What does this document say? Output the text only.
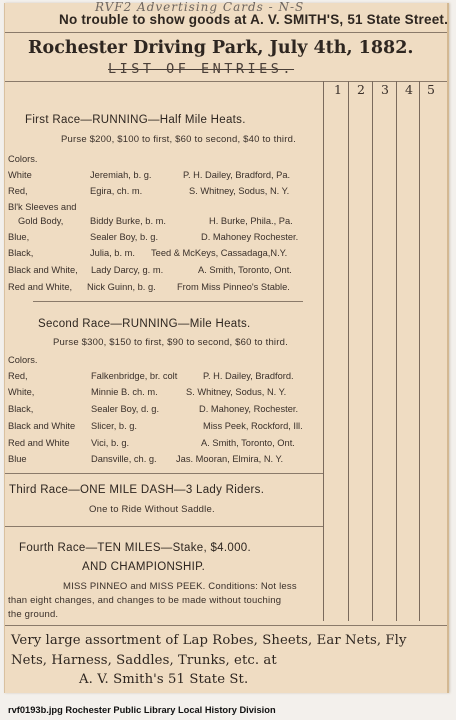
RVF2 Advertising Cards - N-S
No trouble to show goods at A. V. SMITH'S, 51 State Street.
Rochester Driving Park, July 4th, 1882.
LIST OF ENTRIES.
1 2 3 4 5
First Race—RUNNING—Half Mile Heats.
Purse $200, $100 to first, $60 to second, $40 to third.
Colors.
White	Jeremiah, b. g.	P. H. Dailey, Bradford, Pa.
Red,	Egira, ch. m.	S. Whitney, Sodus, N. Y.
Bl'k Sleeves and
Gold Body,	Biddy Burke, b. m.	H. Burke, Phila., Pa.
Blue,	Sealer Boy, b. g.	D. Mahoney Rochester.
Black,	Julia, b. m. Teed & McKeys, Cassadaga,N.Y.
Black and White, Lady Darcy, g. m.	A. Smith, Toronto, Ont.
Red and White, Nick Guinn, b. g. From Miss Pinneo's Stable.
Second Race—RUNNING—Mile Heats.
Purse $300, $150 to first, $90 to second, $60 to third.
Colors.
Red,	Falkenbridge, br. colt	P. H. Dailey, Bradford.
White,	Minnie B. ch. m.	S. Whitney, Sodus, N. Y.
Black,	Sealer Boy, d. g.	D. Mahoney, Rochester.
Black and White Slicer, b. g.	Miss Peek, Rockford, Ill.
Red and White Vici, b. g.	A. Smith, Toronto, Ont.
Blue	Dansville, ch. g. Jas. Mooran, Elmira, N. Y.
Third Race—ONE MILE DASH—3 Lady Riders.
One to Ride Without Saddle.
Fourth Race—TEN MILES—Stake, $4.000.
AND CHAMPIONSHIP.
MISS PINNEO and MISS PEEK. Conditions: Not less
than eight changes, and changes to be made without touching
the ground.
Very large assortment of Lap Robes, Sheets, Ear Nets, Fly
Nets, Harness, Saddles, Trunks, etc. at
A. V. Smith's 51 State St.
rvf0193b.jpg Rochester Public Library Local History Division
